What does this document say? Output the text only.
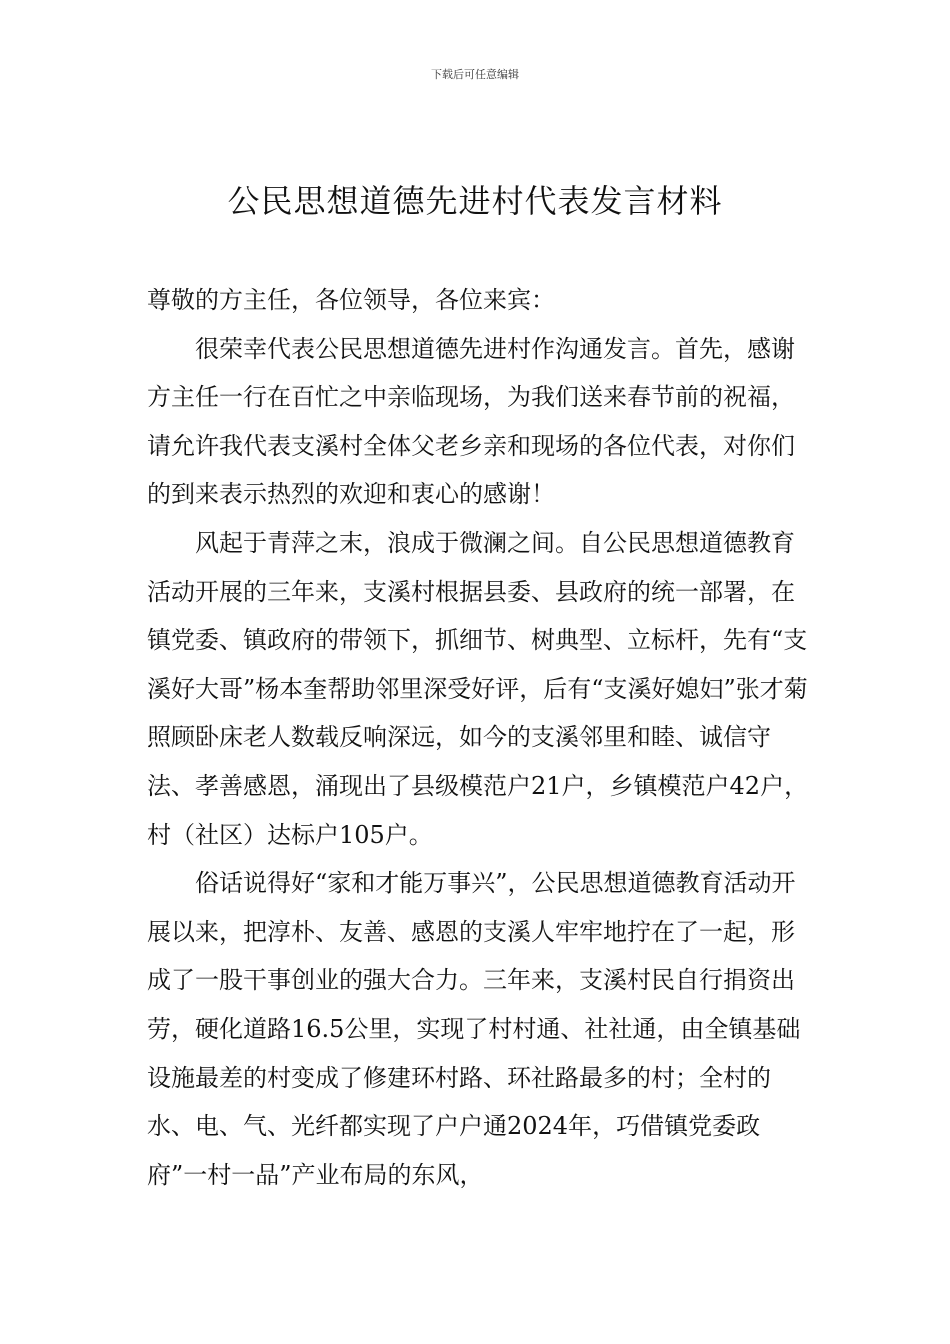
下载后可任意编辑
公民思想道德先进村代表发言材料

尊敬的方主任，各位领导，各位来宾：

很荣幸代表公民思想道德先进村作沟通发言。首先，感谢方主任一行在百忙之中亲临现场，为我们送来春节前的祝福，请允许我代表支溪村全体父老乡亲和现场的各位代表，对你们的到来表示热烈的欢迎和衷心的感谢！

风起于青萍之末，浪成于微澜之间。自公民思想道德教育活动开展的三年来，支溪村根据县委、县政府的统一部署，在镇党委、镇政府的带领下，抓细节、树典型、立标杆，先有“支溪好大哥”杨本奎帮助邻里深受好评，后有“支溪好媳妇”张才菊照顾卧床老人数载反响深远，如今的支溪邻里和睦、诚信守法、孝善感恩，涌现出了县级模范户21户，乡镇模范户42户，村（社区）达标户105户。

俗话说得好“家和才能万事兴”，公民思想道德教育活动开展以来，把淳朴、友善、感恩的支溪人牢牢地拧在了一起，形成了一股干事创业的强大合力。三年来，支溪村民自行捐资出劳，硬化道路16.5公里，实现了村村通、社社通，由全镇基础设施最差的村变成了修建环村路、环社路最多的村；全村的水、电、气、光纤都实现了户户通2024年，巧借镇党委政府”一村一品”产业布局的东风，
